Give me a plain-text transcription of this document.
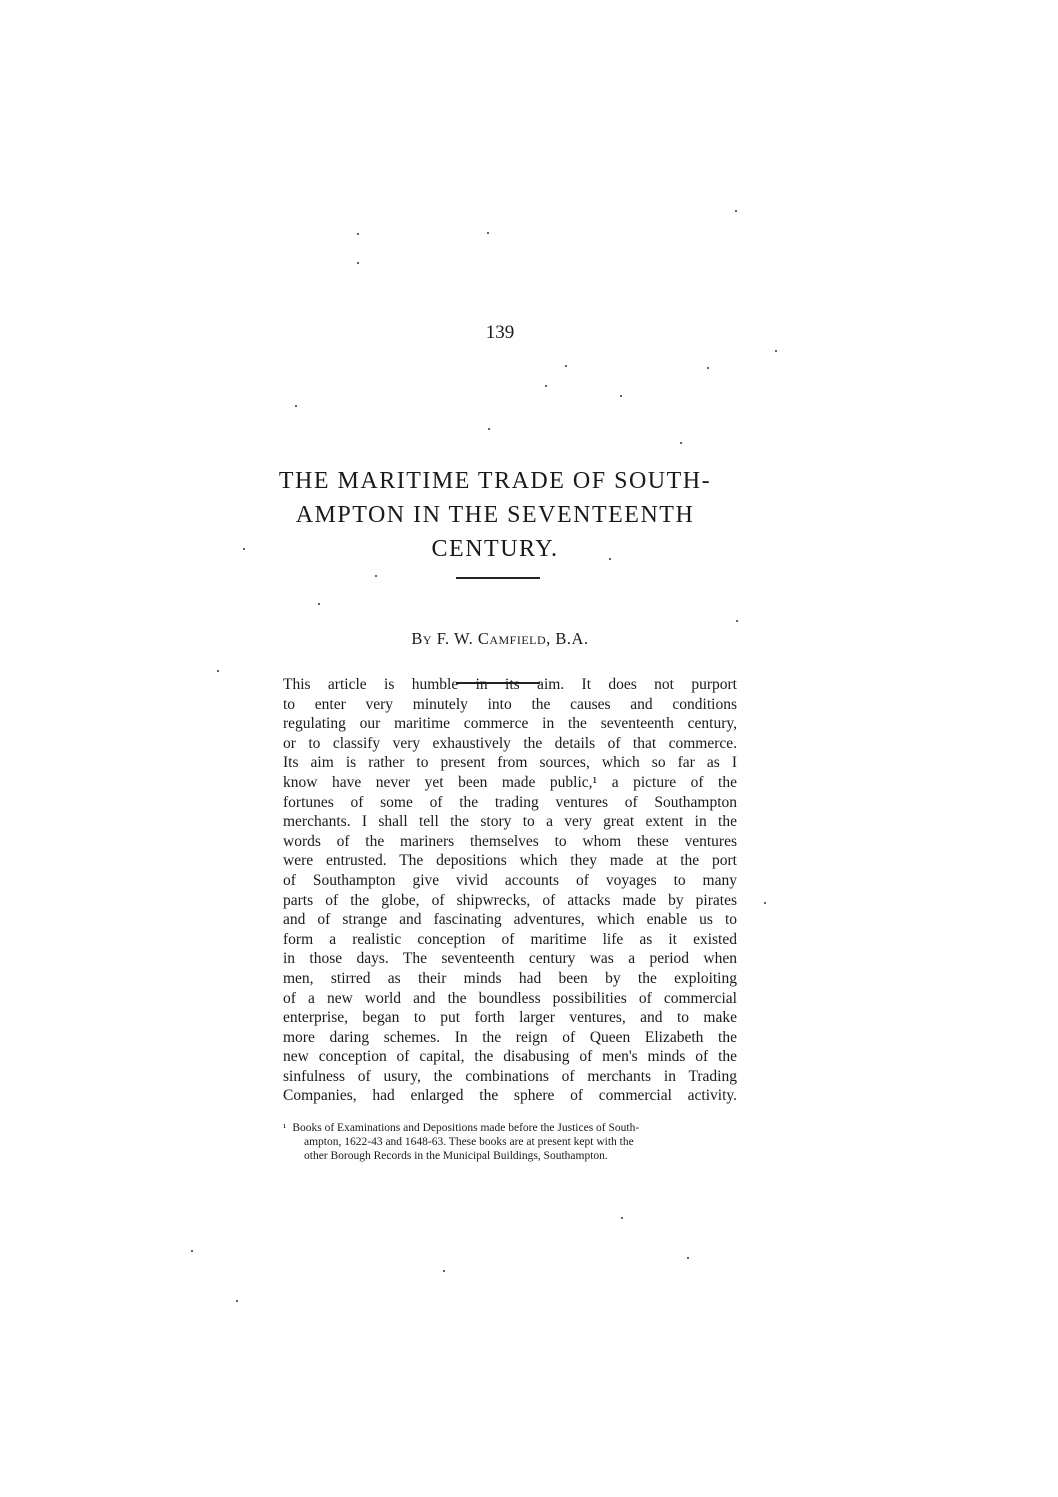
139
THE MARITIME TRADE OF SOUTH-
AMPTON IN THE SEVENTEENTH
CENTURY.
By F. W. Camfield, B.A.
This article is humble in its aim. It does not purport
to enter very minutely into the causes and conditions
regulating our maritime commerce in the seventeenth century,
or to classify very exhaustively the details of that commerce.
Its aim is rather to present from sources, which so far as I
know have never yet been made public,¹ a picture of the
fortunes of some of the trading ventures of Southampton
merchants. I shall tell the story to a very great extent in the
words of the mariners themselves to whom these ventures
were entrusted. The depositions which they made at the port
of Southampton give vivid accounts of voyages to many
parts of the globe, of shipwrecks, of attacks made by pirates
and of strange and fascinating adventures, which enable us to
form a realistic conception of maritime life as it existed
in those days. The seventeenth century was a period when
men, stirred as their minds had been by the exploiting
of a new world and the boundless possibilities of commercial
enterprise, began to put forth larger ventures, and to make
more daring schemes. In the reign of Queen Elizabeth the
new conception of capital, the disabusing of men's minds of the
sinfulness of usury, the combinations of merchants in Trading
Companies, had enlarged the sphere of commercial activity.
¹ Books of Examinations and Depositions made before the Justices of South-
ampton, 1622-43 and 1648-63. These books are at present kept with the
other Borough Records in the Municipal Buildings, Southampton.
